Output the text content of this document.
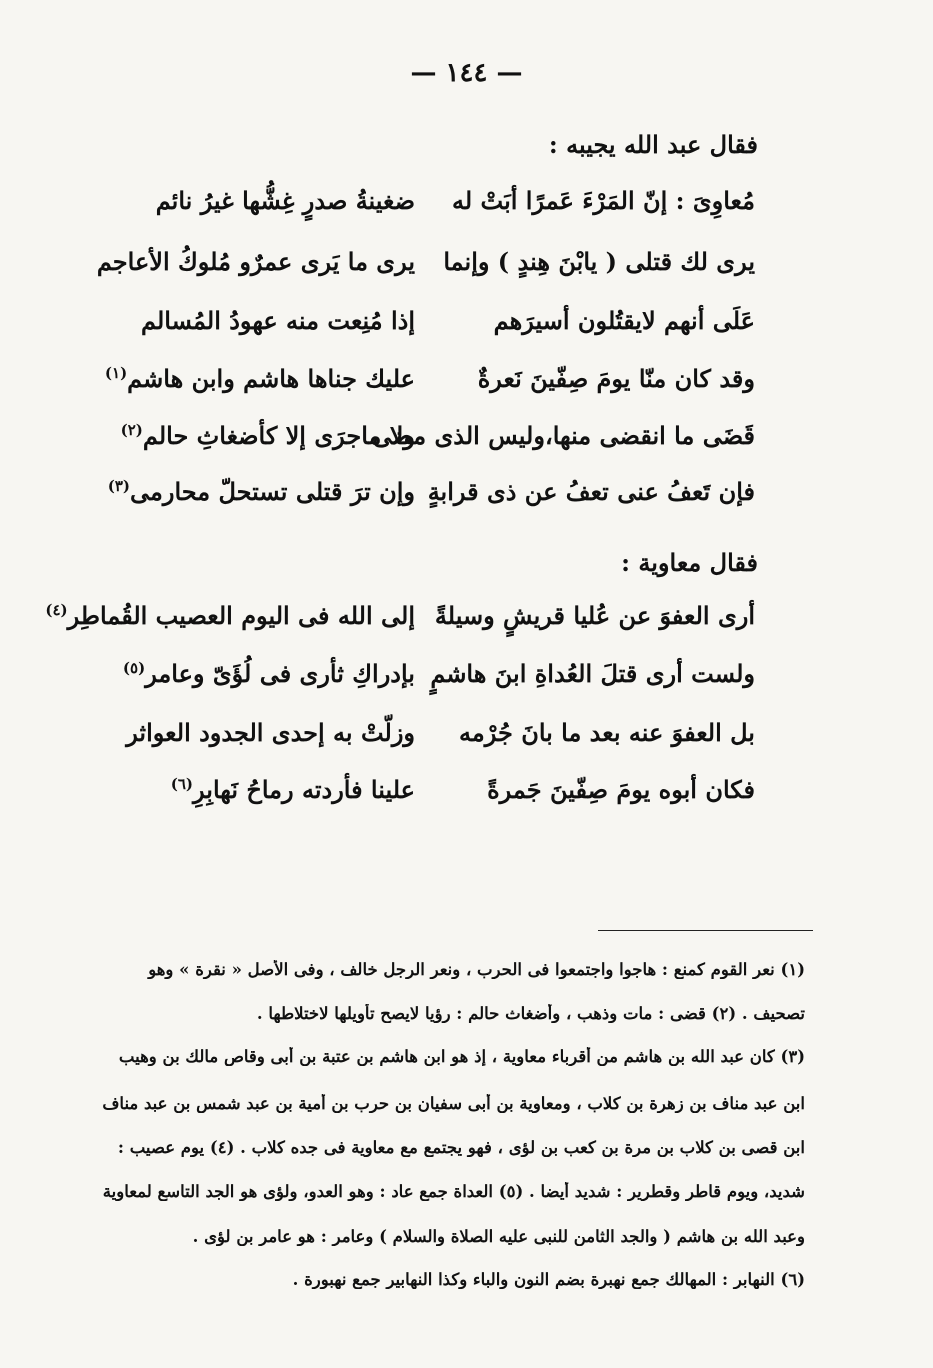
— ١٤٤ —
فقال عبد الله يجيبه :
مُعاوِىَ : إنّ المَرْءَ عَمرًا أبَتْ له
ضغينةُ صدرٍ غِشُّها غيرُ نائم
يرى لك قتلى ( يابْنَ هِندٍ ) وإنما
يرى ما يَرى عمرٌو مُلوكُ الأعاجم
عَلَى أنهم لايقتُلون أسيرَهم
إذا مُنِعت منه عهودُ المُسالم
وقد كان منّا يومَ صِفّينَ نَعرةٌ
عليك جناها هاشم وابن هاشم$^{(١)}$
قَضَى ما انقضى منها،وليس الذى مضى
ولا ماجرَى إلا كأضغاثِ حالم$^{(٢)}$
فإن تَعفُ عنى تعفُ عن ذى قرابةٍ
وإن ترَ قتلى تستحلّ محارمى$^{(٣)}$
فقال معاوية :
أرى العفوَ عن عُليا قريشٍ وسيلةً
إلى الله فى اليوم العصيب القُماطِر$^{(٤)}$
ولست أرى قتلَ العُداةِ ابنَ هاشمٍ
بإدراكِ ثأرى فى لُؤَىّ وعامر$^{(٥)}$
بل العفوَ عنه بعد ما بانَ جُرْمه
وزلّتْ به إحدى الجدود العواثر
فكان أبوه يومَ صِفّينَ جَمرةً
علينا فأردته رماحُ نَهابِرِ$^{(٦)}$
(١) نعر القوم كمنع : هاجوا واجتمعوا فى الحرب ، ونعر الرجل خالف ، وفى الأصل « نقرة » وهو
تصحيف . (٢) قضى : مات وذهب ، وأضغاث حالم : رؤيا لايصح تأويلها لاختلاطها .
(٣) كان عبد الله بن هاشم من أقرباء معاوية ، إذ هو ابن هاشم بن عتبة بن أبى وقاص مالك بن وهيب
ابن عبد مناف بن زهرة بن كلاب ، ومعاوية بن أبى سفيان بن حرب بن أمية بن عبد شمس بن عبد مناف
ابن قصى بن كلاب بن مرة بن كعب بن لؤى ، فهو يجتمع مع معاوية فى جده كلاب . (٤) يوم عصيب :
شديد، ويوم قاطر وقطرير : شديد أيضا . (٥) العداة جمع عاد : وهو العدو، ولؤى هو الجد التاسع لمعاوية
وعبد الله بن هاشم ( والجد الثامن للنبى عليه الصلاة والسلام ) وعامر : هو عامر بن لؤى .
(٦) النهابر : المهالك جمع نهبرة بضم النون والباء وكذا النهابير جمع نهبورة .
